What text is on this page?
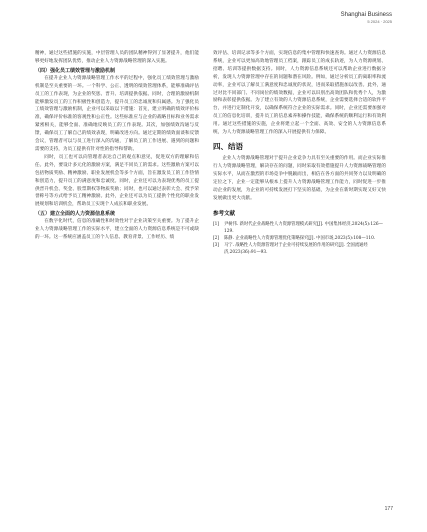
Shanghai Business
5 2024 · 2025

精神，通过这些措施的实施，中层管理人员的团队精神得到了显著提升，他们能够更好地发挥团队优势，推动企业人力资源战略管理的深入实施。

（四）强化员工绩效管理与激励机制

在提升企业人力资源战略管理工作水平的过程中，强化员工绩效管理与激励机制是至关重要的一环。一个科学、公正、透明的绩效管理体系，能够准确评估员工的工作表现，为企业的奖惩、晋升、培训提供依据。同时，合理的激励机制能够激发员工的工作积极性和创造力，提升员工的忠诚度和归属感。为了强化员工绩效管理与激励机制，企业可以采取以下措施：首先，建立明确的绩效评价标准，确保评价标准的客观性和公正性。这些标准应与企业的战略目标和业务需求紧密相关，能够全面、准确地反映员工的工作表现。其次，加强绩效沟通与反馈，确保员工了解自己的绩效表现，明确改进方向。通过定期的绩效面谈和反馈会议，管理者可以与员工进行深入的沟通，了解员工的工作进展、遇到的问题和需要的支持，为员工提供有针对性的指导和帮助。

同时，员工也可以向管理者表达自己的观点和意见，促进双方的理解和信任。此外，要设计多元化的激励方案，满足不同员工的需求。这些激励方案可以包括物质奖励、精神激励、职业发展机会等多个方面，旨在激发员工的工作热情和创造力，提升员工的满意度和忠诚度。同时，企业还可以为表现优秀的员工提供晋升机会、奖金、股票期权等物质奖励；同时，也可以通过表彰大会、授予荣誉称号等方式给予员工精神激励。此外，企业还可以为员工提供个性化的职业发展规划和培训机会，帮助员工实现个人成长和职业发展。

（五）建立全面的人力资源信息系统

在数字化时代，信息的准确性和时效性对于企业决策至关重要。为了提升企业人力资源战略管理工作的实际水平，建立全面的人力资源信息系统是不可或缺的一环。这一系统应涵盖员工的个人信息、教育背景、工作经历、绩

效评估、培训记录等多个方面，实现信息的集中管理和快速查询。通过人力资源信息系统，企业可以更加高效地管理员工档案，跟踪员工的成长轨迹，为人力资源规划、招聘、培训等提供数据支持。同时，人力资源信息系统还可以帮助企业进行数据分析，发现人力资源管理中存在的问题和潜在风险。例如，通过分析员工的离职率和流动率，企业可以了解员工满意度和忠诚度的状况，进而采取措施加以改善。此外，通过对比不同部门、不同岗位的绩效数据，企业可以识别出高效团队和优秀个人，为激励和表彰提供依据。为了建立有效的人力资源信息系统，企业需要选择合适的软件平台，并进行定制化开发，以确保系统符合企业的实际需求。同时，企业还需要加强对员工的信息化培训，提升员工的信息素养和操作技能，确保系统的顺利运行和有效利用。通过这些措施的实施，企业将建立起一个全面、高效、安全的人力资源信息系统，为人力资源战略管理工作的深入开展提供有力保障。

四、结语

企业人力资源战略管理对于提升企业竞争力具有至关重要的作用。而企业实际推行人力资源战略管理，解决存在的问题，同时采取有效措施提升人力资源战略管理的实际水平，从而在激烈的市场竞争中脱颖而出，相信在各方面的共同努力以及明确的定位之下，企业一定能够从根本上提升人力资源战略管理工作能力，同时促进一步推动企业的发展，为企业的可持续发展打下坚实的基础，为企业在新时期实现又好又快发展做出更大贡献。

参考文献
[1]	尹树伟. 新时代企业战略性人力资源管理模式研究[J]. 中国集体经济,2024(5):126—129.
[2]	陈静. 企业战略性人力资源管理优化策略探究[J]. 中国市场,2023(5):108—110.
[3]	马宁. 战略性人力资源管理对于企业可持续发展的作用的研究[J]. 全国流通经济,2023(36):91—93.
177
